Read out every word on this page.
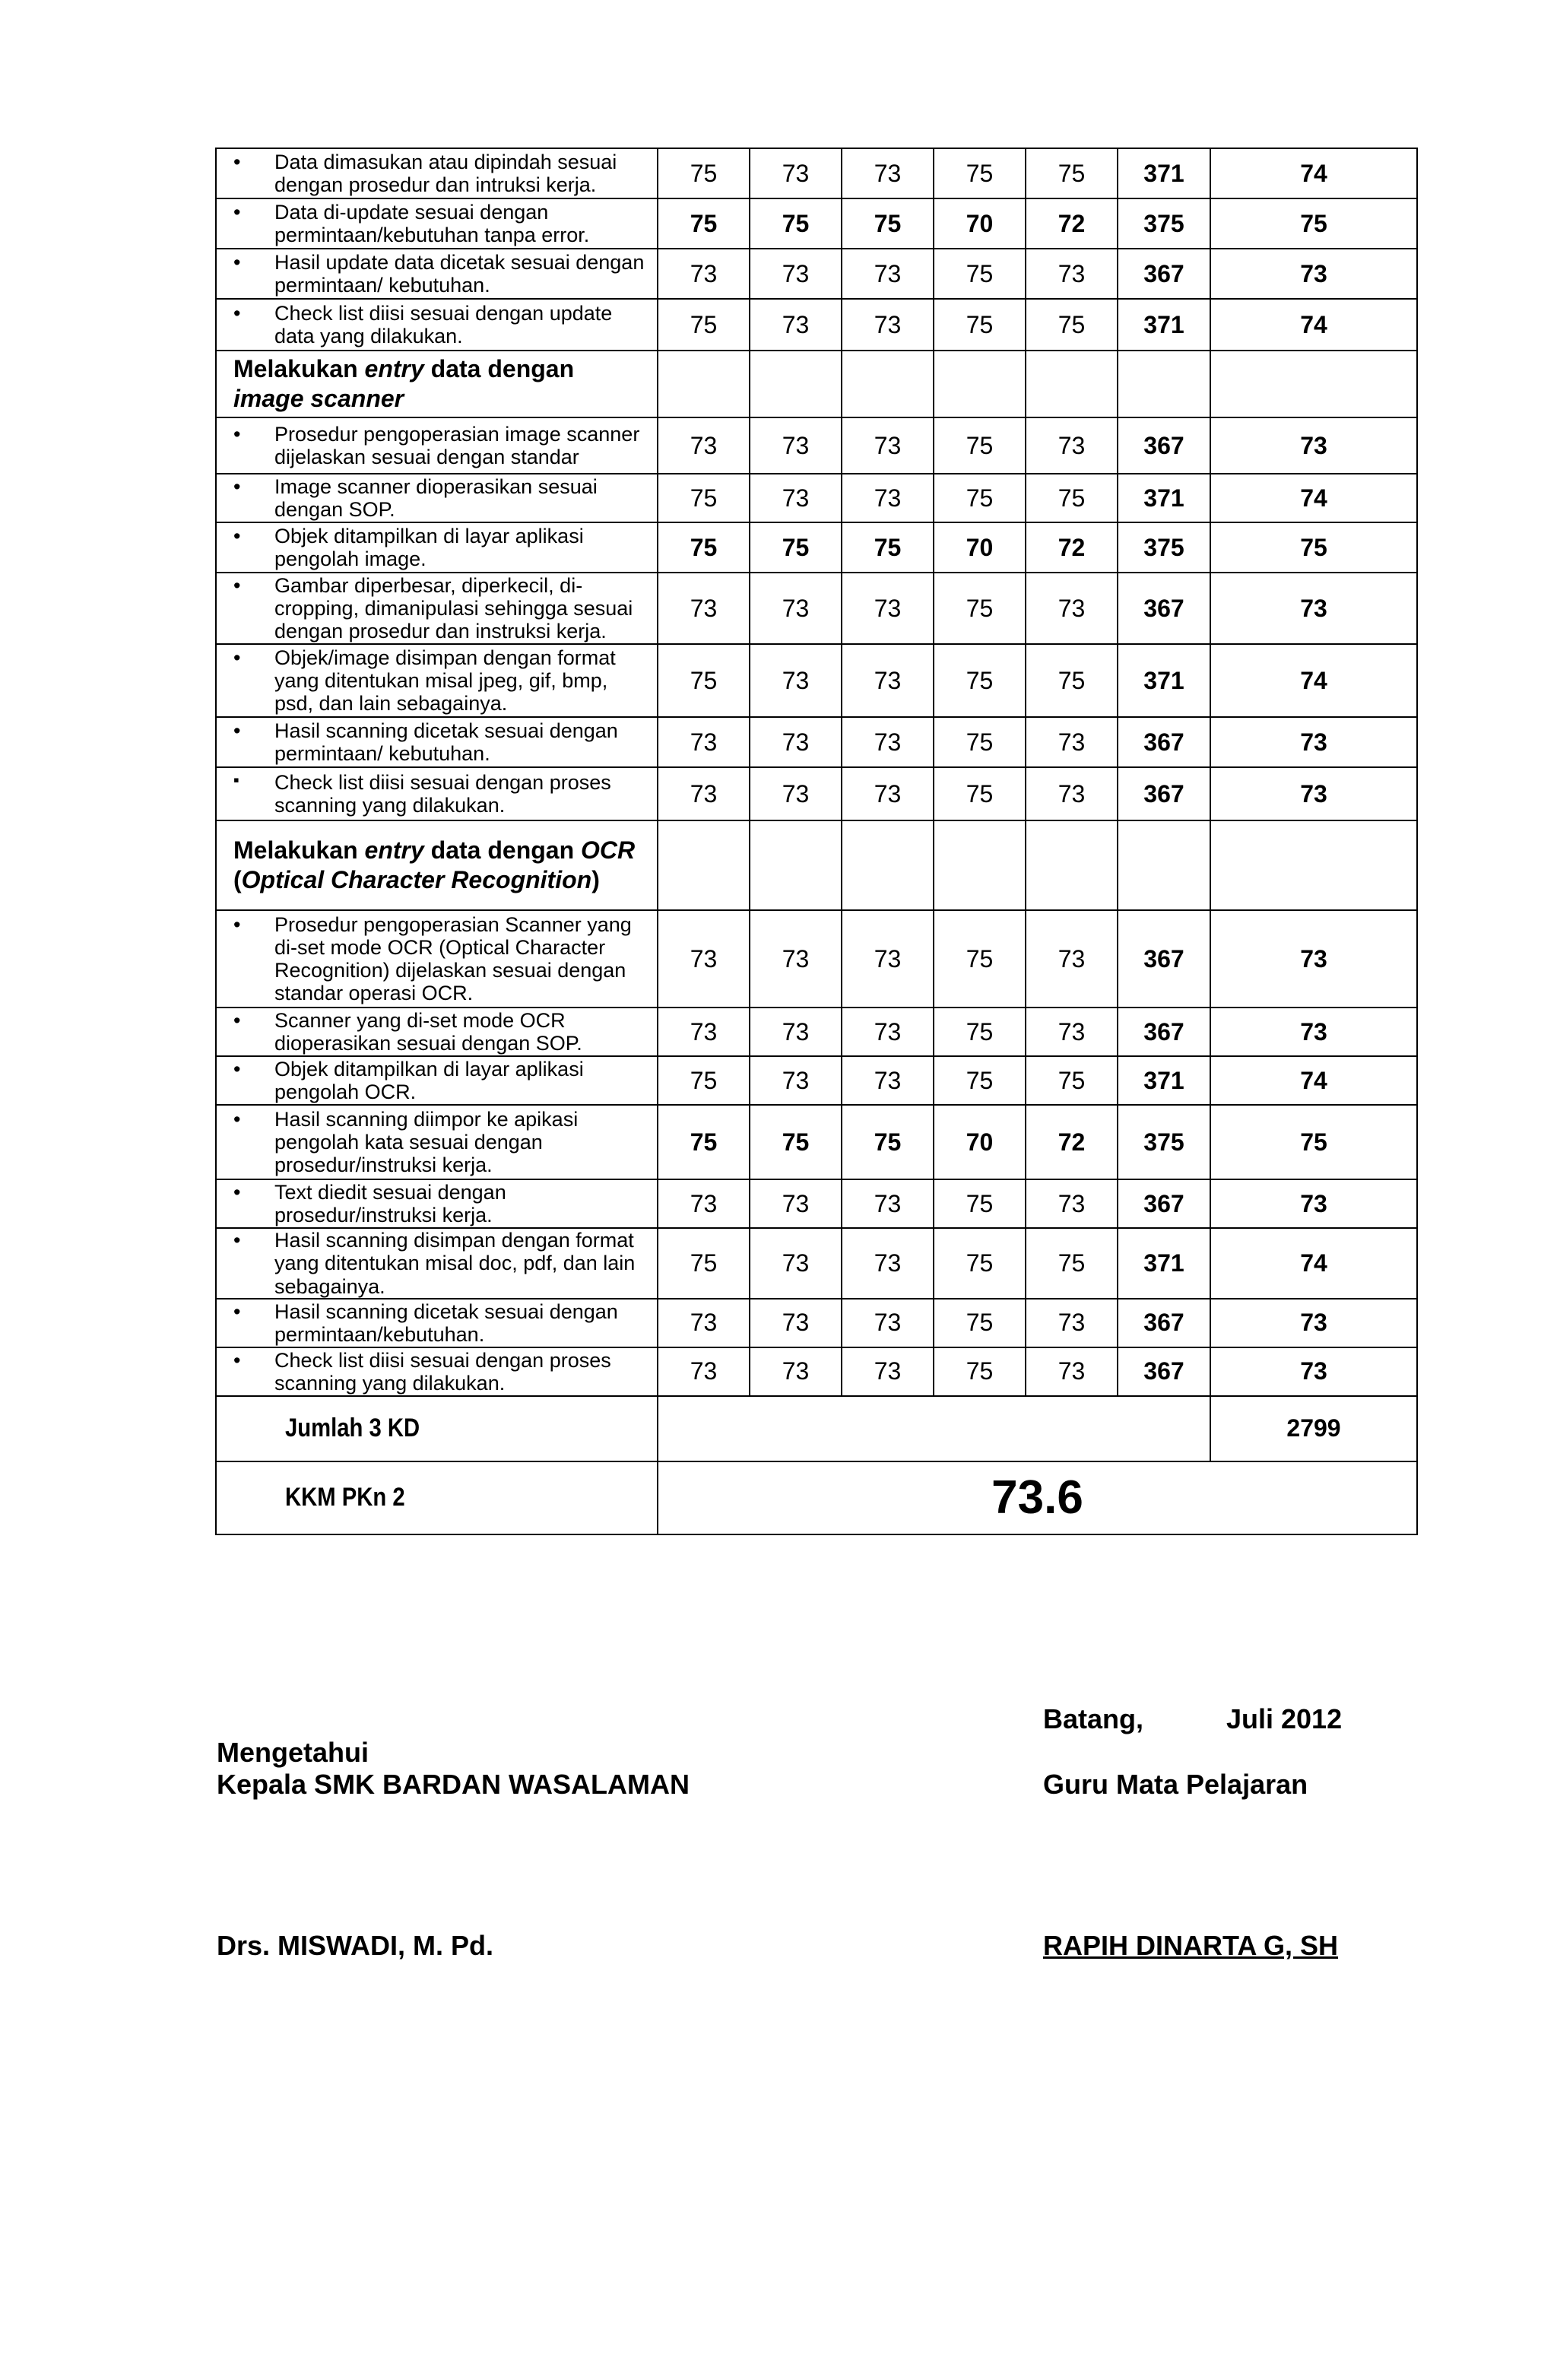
• Data dimasukan atau dipindah sesuai dengan prosedur dan intruksi kerja.	75	73	73	75	75	371	74

• Data di-update sesuai dengan permintaan/kebutuhan tanpa error.	75	75	75	70	72	375	75

• Hasil update data dicetak sesuai dengan permintaan/ kebutuhan.	73	73	73	75	73	367	73

• Check list diisi sesuai dengan update data yang dilakukan.	75	73	73	75	75	371	74
Melakukan entry data dengan image scanner							

• Prosedur pengoperasian image scanner dijelaskan sesuai dengan standar	73	73	73	75	73	367	73

• Image scanner dioperasikan sesuai dengan SOP.	75	73	73	75	75	371	74

• Objek ditampilkan di layar aplikasi pengolah image.	75	75	75	70	72	375	75

• Gambar diperbesar, diperkecil, di-cropping, dimanipulasi sehingga sesuai dengan prosedur dan instruksi kerja.	73	73	73	75	73	367	73

• Objek/image disimpan dengan format yang ditentukan misal jpeg, gif, bmp, psd, dan lain sebagainya.	75	73	73	75	75	371	74

• Hasil scanning dicetak sesuai dengan permintaan/ kebutuhan.	73	73	73	75	73	367	73

▪ Check list diisi sesuai dengan proses scanning yang dilakukan.	73	73	73	75	73	367	73
Melakukan entry data dengan OCR (Optical Character Recognition)							

• Prosedur pengoperasian Scanner yang di-set mode OCR (Optical Character Recognition) dijelaskan sesuai dengan standar operasi OCR.	73	73	73	75	73	367	73

• Scanner yang di-set mode OCR dioperasikan sesuai dengan SOP.	73	73	73	75	73	367	73

• Objek ditampilkan di layar aplikasi pengolah OCR.	75	73	73	75	75	371	74

• Hasil scanning diimpor ke apikasi pengolah kata sesuai dengan prosedur/instruksi kerja.	75	75	75	70	72	375	75

• Text diedit sesuai dengan prosedur/instruksi kerja.	73	73	73	75	73	367	73

• Hasil scanning disimpan dengan format yang ditentukan misal doc, pdf, dan lain sebagainya.	75	73	73	75	75	371	74

• Hasil scanning dicetak sesuai dengan permintaan/kebutuhan.	73	73	73	75	73	367	73

• Check list diisi sesuai dengan proses scanning yang dilakukan.	73	73	73	75	73	367	73
Jumlah 3 KD							2799
KKM PKn 2	73.6						
Batang,	Juli 2012
Mengetahui
Kepala SMK BARDAN WASALAMAN	Guru Mata Pelajaran
Drs. MISWADI, M. Pd.	RAPIH DINARTA G, SH
